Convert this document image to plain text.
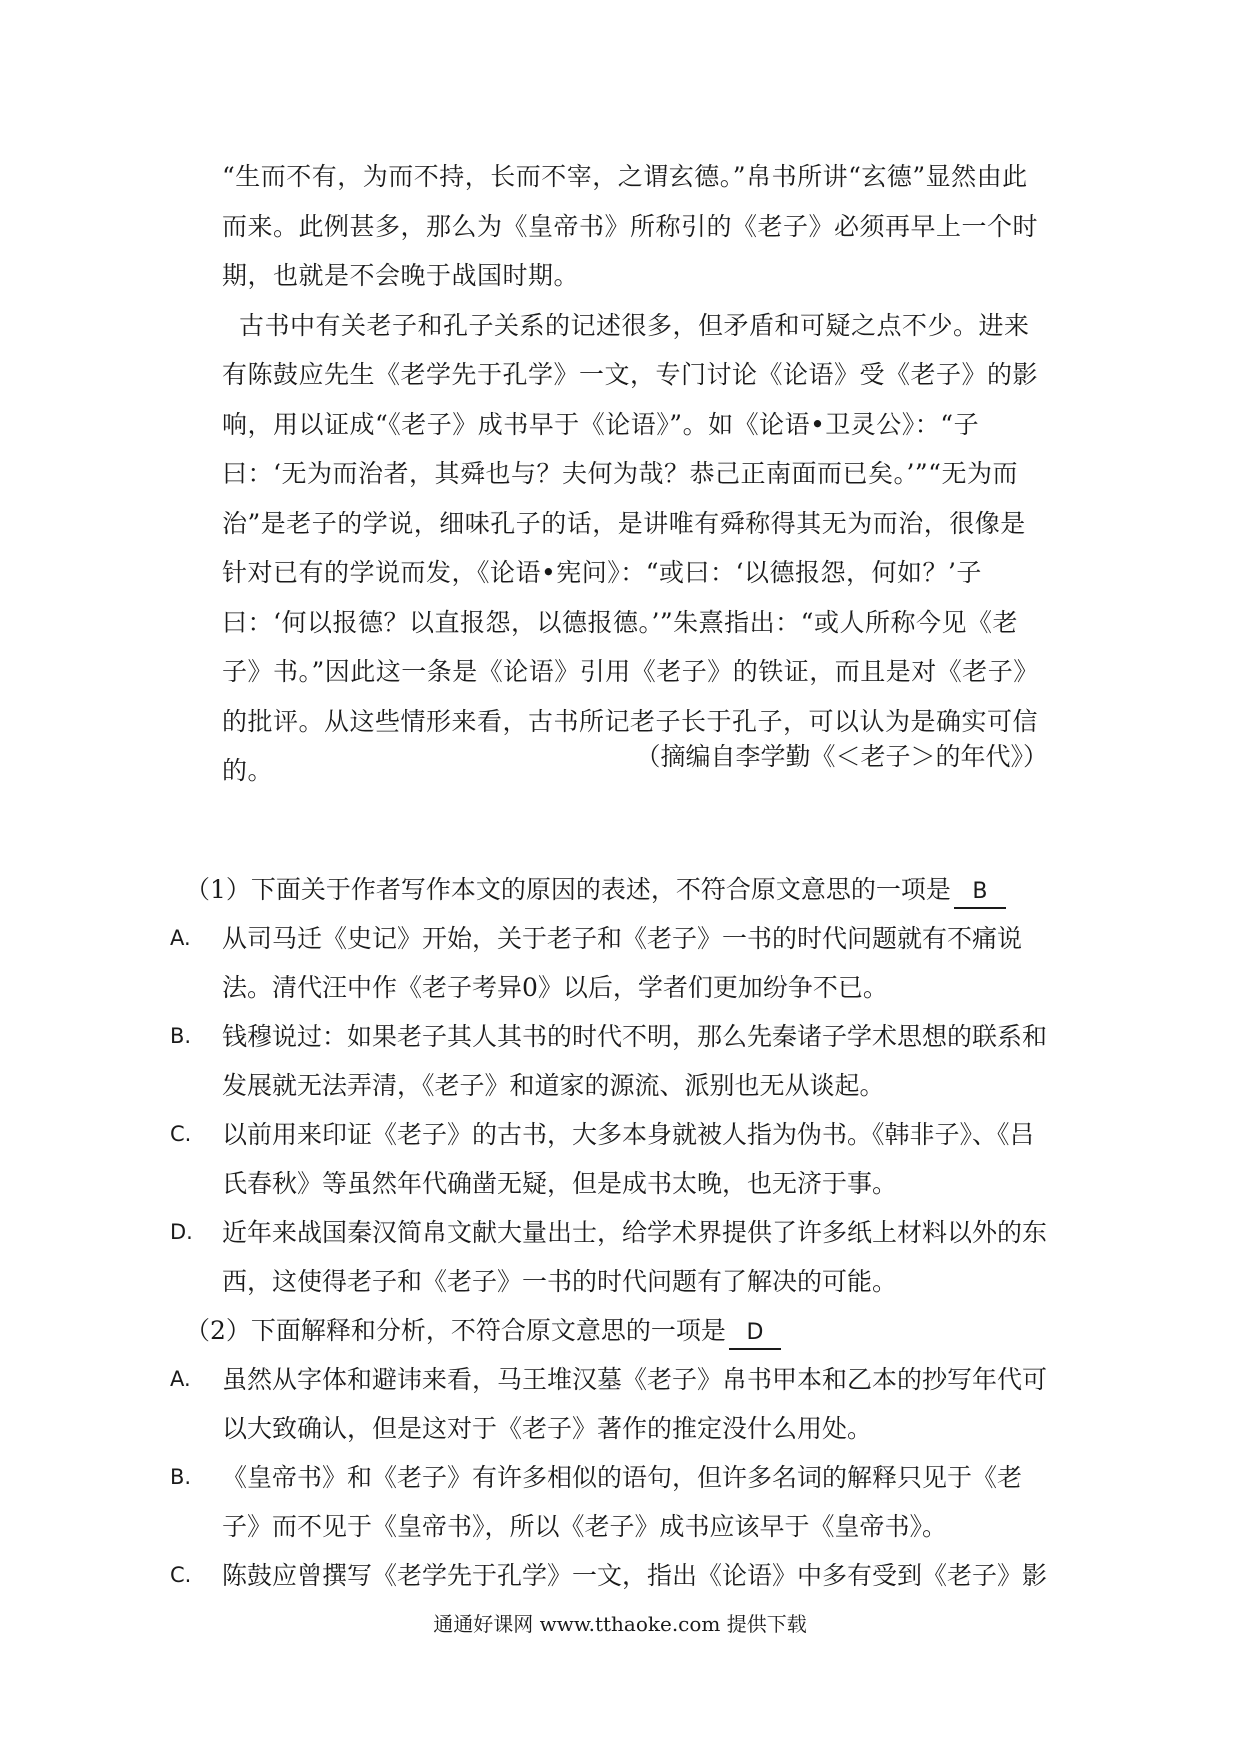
“生而不有，为而不持，长而不宰，之谓玄德。”帛书所讲“玄德”显然由此而来。此例甚多，那么为《皇帝书》所称引的《老子》必须再早上一个时期，也就是不会晚于战国时期。

古书中有关老子和孔子关系的记述很多，但矛盾和可疑之点不少。进来有陈鼓应先生《老学先于孔学》一文，专门讨论《论语》受《老子》的影响，用以证成“《老子》成书早于《论语》”。如《论语•卫灵公》：“子曰：‘无为而治者，其舜也与？夫何为哉？恭己正南面而已矣。’”“无为而治”是老子的学说，细味孔子的话，是讲唯有舜称得其无为而治，很像是针对已有的学说而发，《论语•宪问》：“或曰：‘以德报怨，何如？’子曰：‘何以报德？以直报怨，以德报德。’”朱熹指出：“或人所称今见《老子》书。”因此这一条是《论语》引用《老子》的铁证，而且是对《老子》的批评。从这些情形来看，古书所记老子长于孔子，可以认为是确实可信的。	（摘编自李学勤《＜老子＞的年代》）

（1）下面关于作者写作本文的原因的表述，不符合原文意思的一项是 B

A.	从司马迁《史记》开始，关于老子和《老子》一书的时代问题就有不痛说法。清代汪中作《老子考异0》以后，学者们更加纷争不已。
B.	钱穆说过：如果老子其人其书的时代不明，那么先秦诸子学术思想的联系和发展就无法弄清，《老子》和道家的源流、派别也无从谈起。
C.	以前用来印证《老子》的古书，大多本身就被人指为伪书。《韩非子》、《吕氏春秋》等虽然年代确凿无疑，但是成书太晚，也无济于事。
D.	近年来战国秦汉简帛文献大量出士，给学术界提供了许多纸上材料以外的东西，这使得老子和《老子》一书的时代问题有了解决的可能。

（2）下面解释和分析，不符合原文意思的一项是 D

A.	虽然从字体和避讳来看，马王堆汉墓《老子》帛书甲本和乙本的抄写年代可以大致确认，但是这对于《老子》著作的推定没什么用处。
B.	《皇帝书》和《老子》有许多相似的语句，但许多名词的解释只见于《老子》而不见于《皇帝书》，所以《老子》成书应该早于《皇帝书》。
C.	陈鼓应曾撰写《老学先于孔学》一文，指出《论语》中多有受到《老子》影
通通好课网 www.tthaoke.com 提供下载
